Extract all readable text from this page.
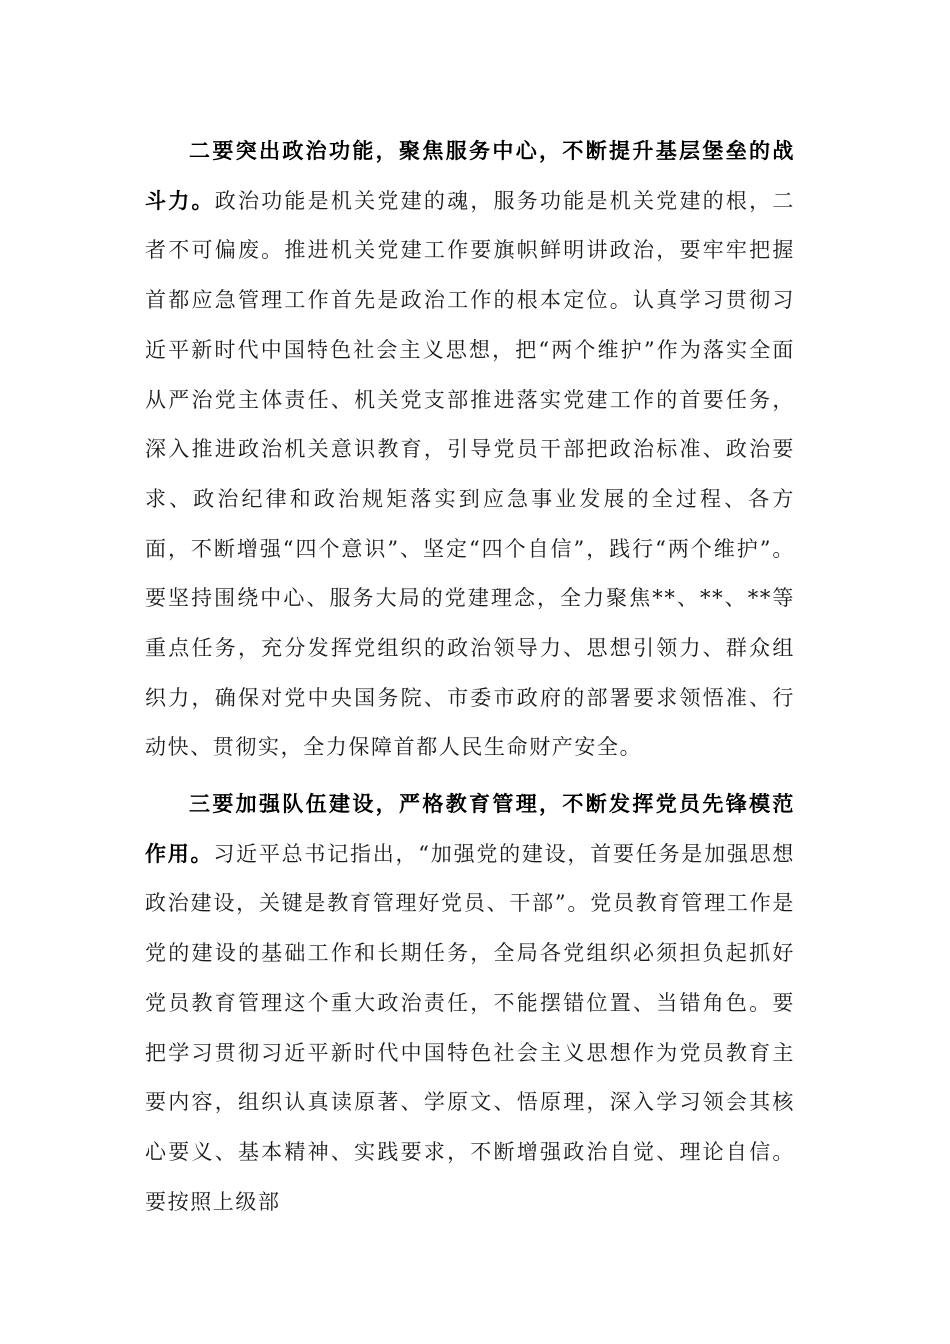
二要突出政治功能，聚焦服务中心，不断提升基层堡垒的战斗力。政治功能是机关党建的魂，服务功能是机关党建的根，二者不可偏废。推进机关党建工作要旗帜鲜明讲政治，要牢牢把握首都应急管理工作首先是政治工作的根本定位。认真学习贯彻习近平新时代中国特色社会主义思想，把“两个维护”作为落实全面从严治党主体责任、机关党支部推进落实党建工作的首要任务，深入推进政治机关意识教育，引导党员干部把政治标准、政治要求、政治纪律和政治规矩落实到应急事业发展的全过程、各方面，不断增强“四个意识”、坚定“四个自信”，践行“两个维护”。要坚持围绕中心、服务大局的党建理念，全力聚焦**、**、**等重点任务，充分发挥党组织的政治领导力、思想引领力、群众组织力，确保对党中央国务院、市委市政府的部署要求领悟准、行动快、贯彻实，全力保障首都人民生命财产安全。

三要加强队伍建设，严格教育管理，不断发挥党员先锋模范作用。习近平总书记指出，“加强党的建设，首要任务是加强思想政治建设，关键是教育管理好党员、干部”。党员教育管理工作是党的建设的基础工作和长期任务，全局各党组织必须担负起抓好党员教育管理这个重大政治责任，不能摆错位置、当错角色。要把学习贯彻习近平新时代中国特色社会主义思想作为党员教育主要内容，组织认真读原著、学原文、悟原理，深入学习领会其核心要义、基本精神、实践要求，不断增强政治自觉、理论自信。要按照上级部
